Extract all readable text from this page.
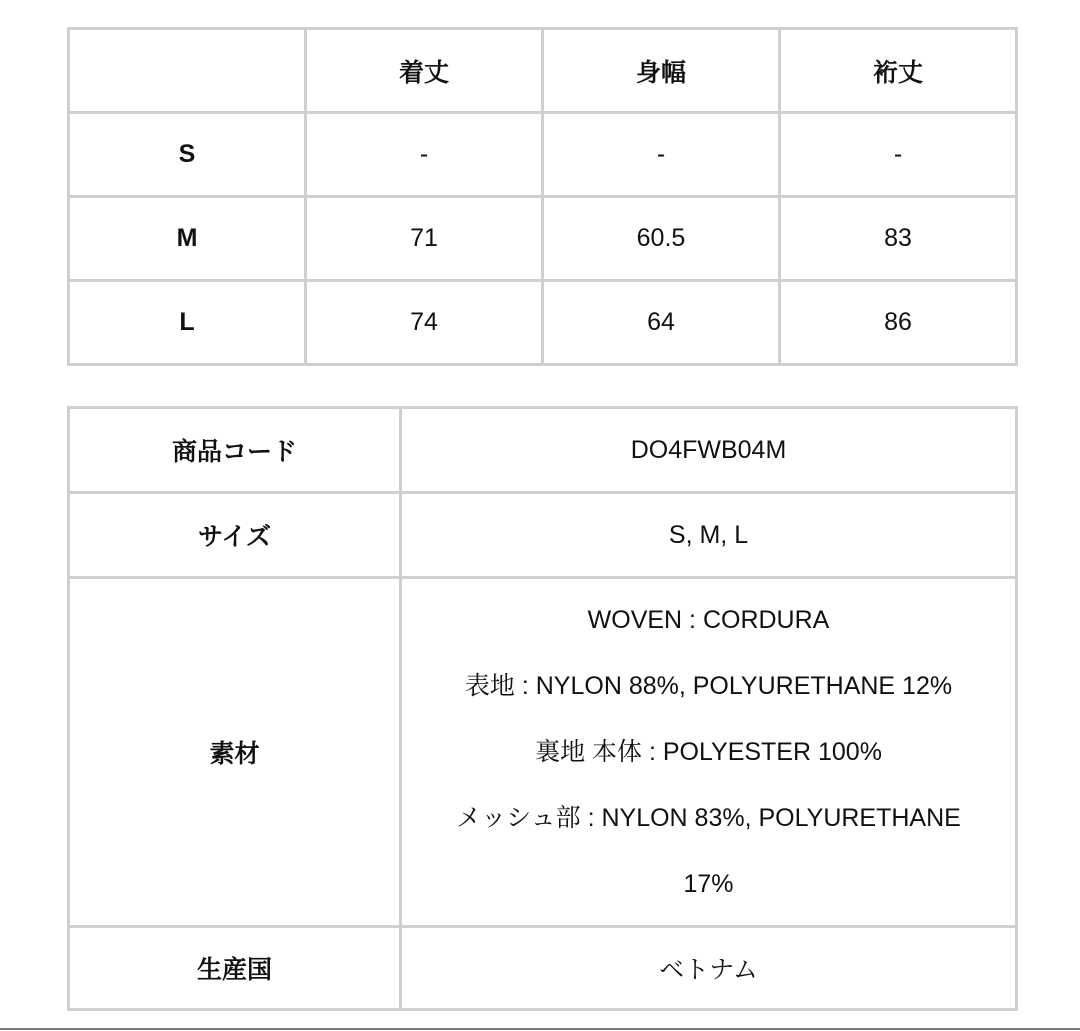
	着丈	身幅	裄丈
S	-	-	-
M	71	60.5	83
L	74	64	86
商品コード	DO4FWB04M
サイズ	S, M, L
素材	WOVEN : CORDURA
表地 : NYLON 88%, POLYURETHANE 12%
裏地 本体 : POLYESTER 100%
メッシュ部 : NYLON 83%, POLYURETHANE
17%

生産国	ベトナム
